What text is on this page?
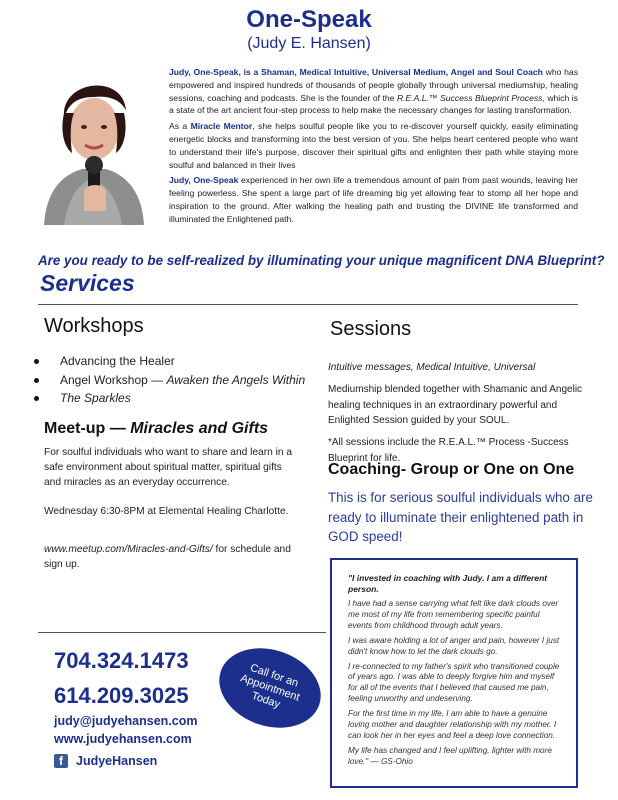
One-Speak
(Judy E. Hansen)

Judy, One-Speak, is a Shaman, Medical Intuitive, Universal Medium, Angel and Soul Coach who has empowered and inspired hundreds of thousands of people globally through universal mediumship, healing sessions, coaching and podcasts. She is the founder of the R.E.A.L.™ Success Blueprint Process, which is a state of the art ancient four-step process to help make the necessary changes for lasting transformation.

As a Miracle Mentor, she helps soulful people like you to re-discover yourself quickly, easily eliminating energetic blocks and transforming into the best version of you. She helps heart centered people who want to understand their life's purpose, discover their spiritual gifts and enlighten their path while staying more soulful and balanced in their lives

Judy, One-Speak experienced in her own life a tremendous amount of pain from past wounds, leaving her feeling powerless. She spent a large part of life dreaming big yet allowing fear to stomp all her hope and inspiration to the ground. After walking the healing path and trusting the DIVINE life transformed and illuminated the Enlightened path.

Are you ready to be self-realized by illuminating your unique magnificent DNA Blueprint?
Services
Workshops
Advancing the Healer
Angel Workshop — Awaken the Angels Within
The Sparkles
Meet-up — Miracles and Gifts
For soulful individuals who want to share and learn in a safe environment about spiritual matter, spiritual gifts and miracles as an everyday occurrence.
Wednesday 6:30-8PM at Elemental Healing Charlotte.
www.meetup.com/Miracles-and-Gifts/ for schedule and sign up.
Sessions

Intuitive messages, Medical Intuitive, Universal

Mediumship blended together with Shamanic and Angelic healing techniques in an extraordinary powerful and Enlighted Session guided by your SOUL.

*All sessions include the R.E.A.L.™ Process -Success Blueprint for life.

Coaching- Group or One on One
This is for serious soulful individuals who are ready to illuminate their enlightened path in GOD speed!

"I invested in coaching with Judy. I am a different person.

I have had a sense carrying what felt like dark clouds over me most of my life from remembering specific painful events from childhood through adult years.

I was aware holding a lot of anger and pain, however I just didn't know how to let the dark clouds go.

I re-connected to my father's spirit who transitioned couple of years ago. I was able to deeply forgive him and myself for all of the events that I believed that caused me pain, feeling unworthy and undeserving.

For the first time in my life, I am able to have a genuine loving mother and daughter relationship with my mother. I can look her in her eyes and feel a deep love connection.

My life has changed and I feel uplifting, lighter with more love." — GS-Ohio

704.324.1473
614.209.3025
judy@judyehansen.com
www.judyehansen.com
f	JudyeHansen
Call for an
Appointment
Today
